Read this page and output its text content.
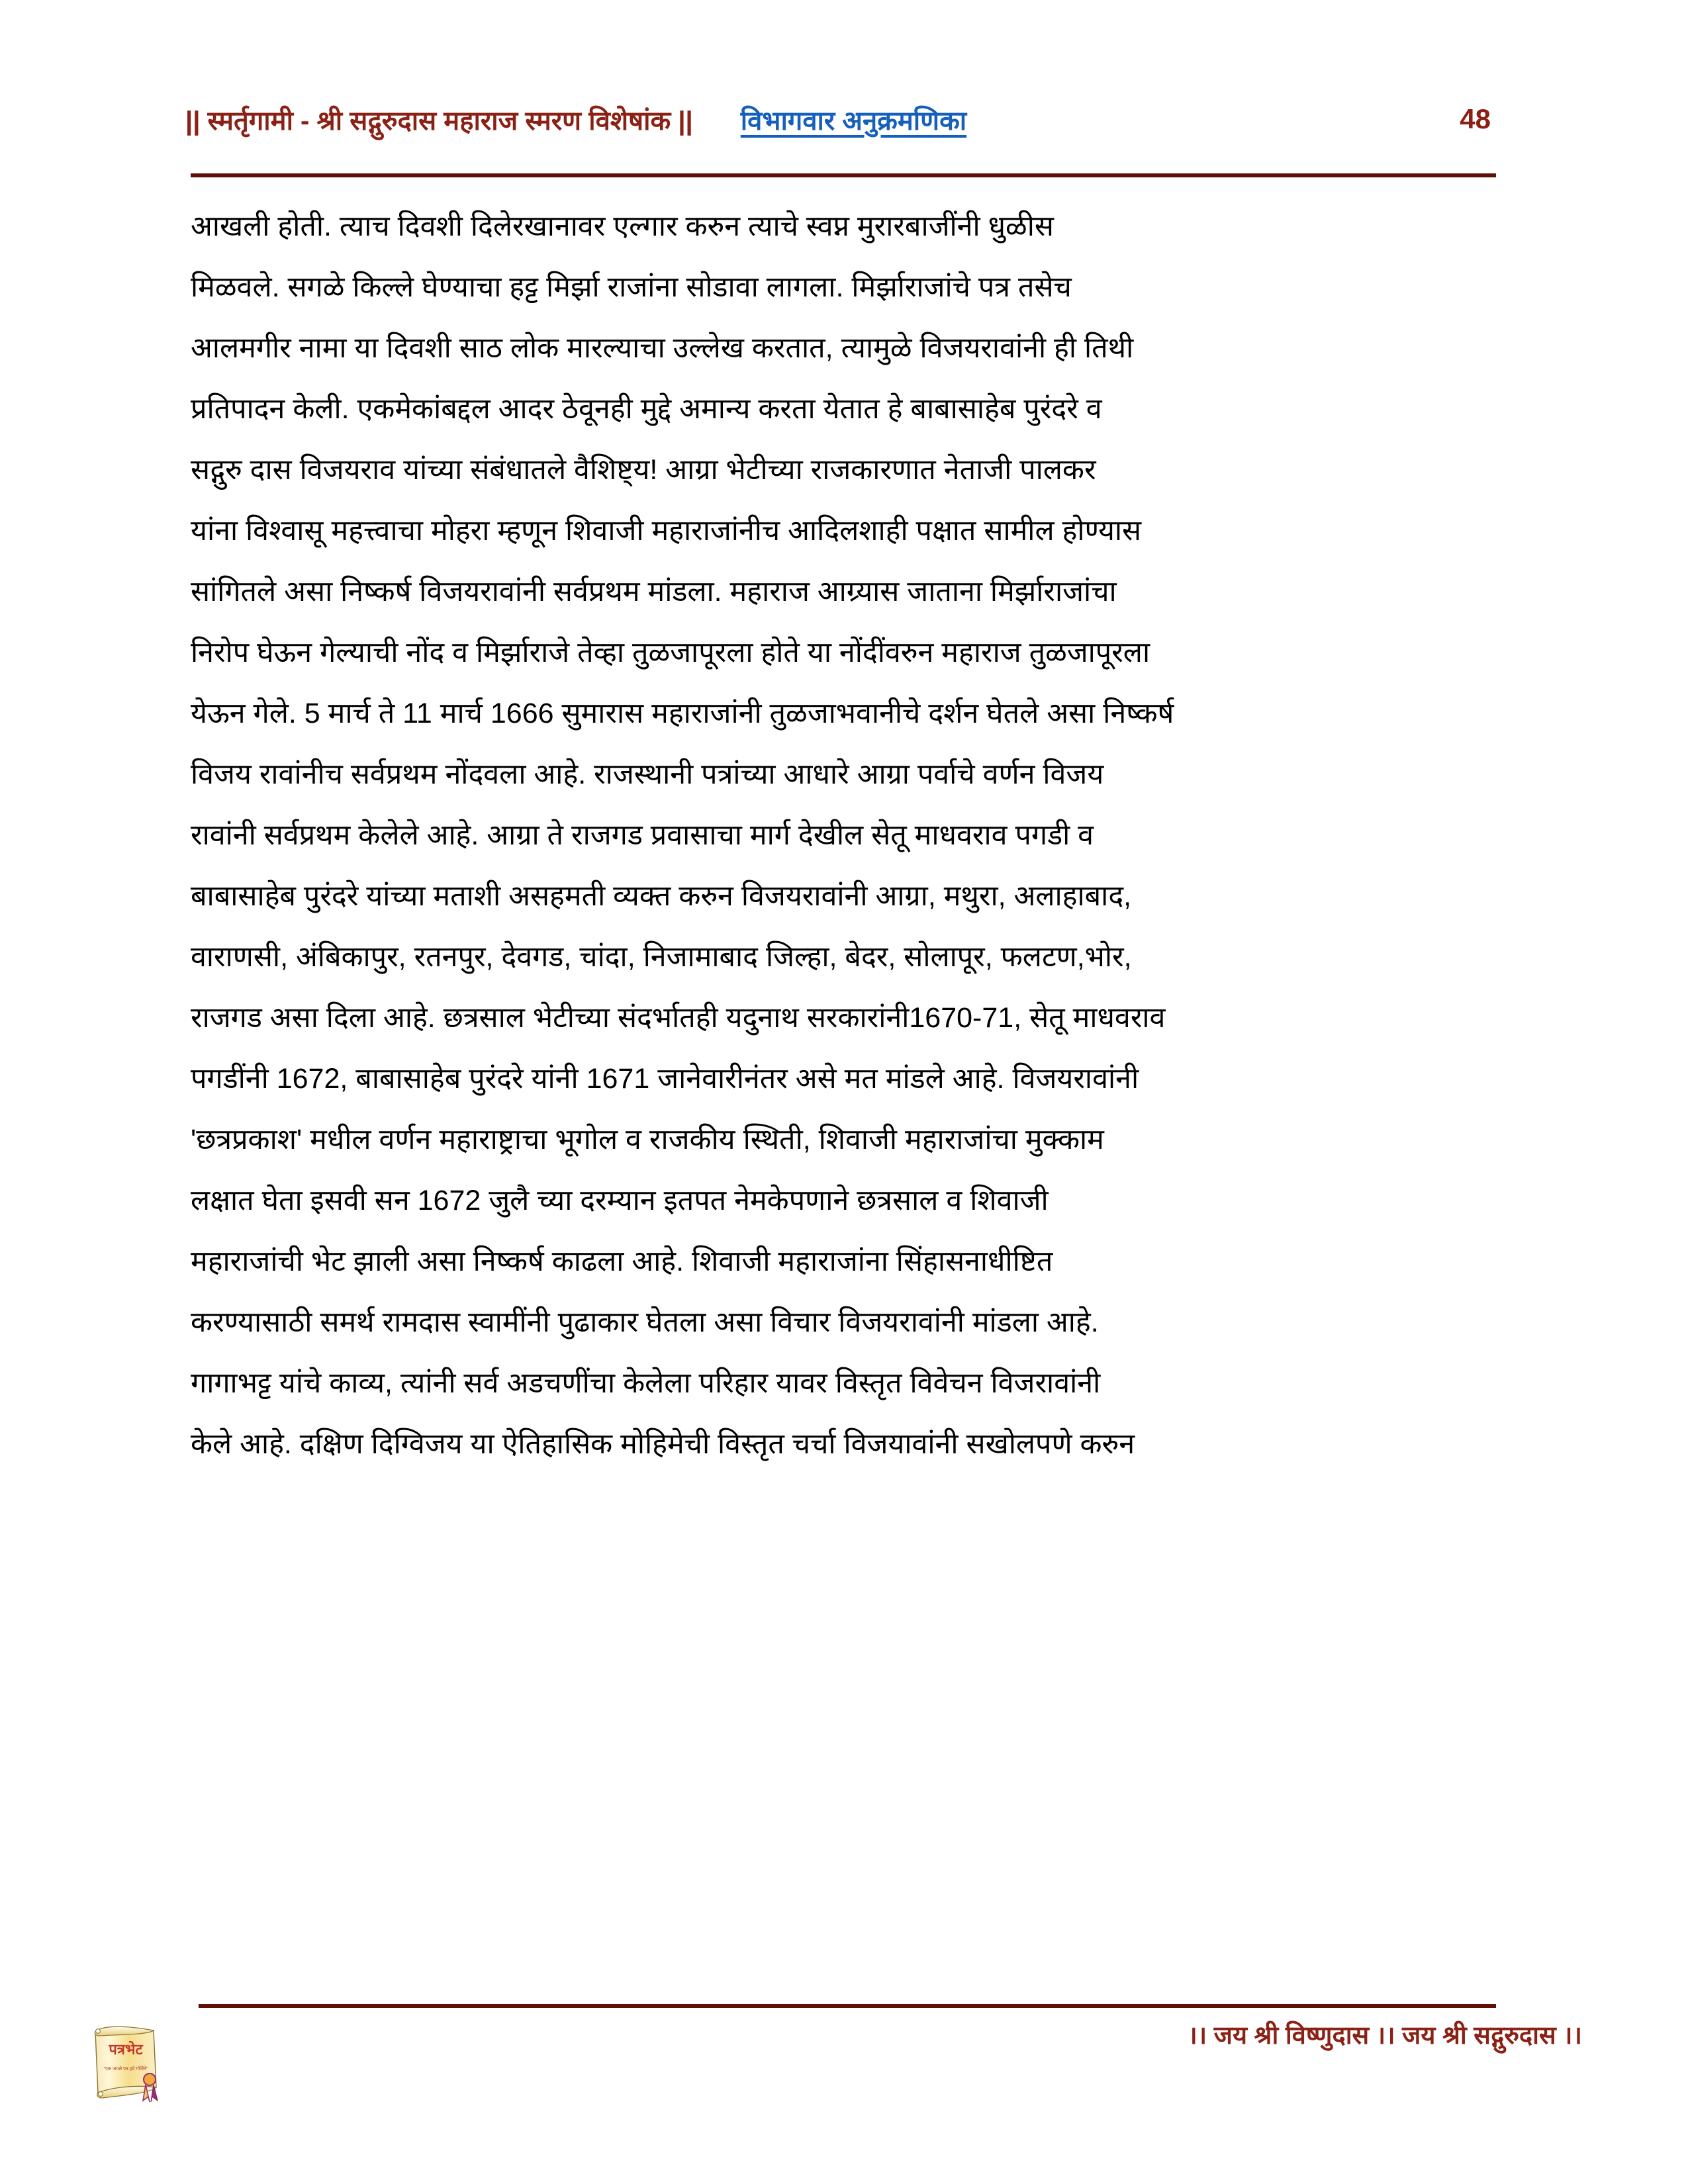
|| स्मर्तृगामी - श्री सद्गुरुदास महाराज स्मरण विशेषांक || विभागवार अनुक्रमणिका	48
आखली होती. त्याच दिवशी दिलेरखानावर एल्गार करुन त्याचे स्वप्न मुरारबाजींनी धुळीस
मिळवले. सगळे किल्ले घेण्याचा हट्ट मिर्झा राजांना सोडावा लागला. मिर्झाराजांचे पत्र तसेच
आलमगीर नामा या दिवशी साठ लोक मारल्याचा उल्लेख करतात, त्यामुळे विजयरावांनी ही तिथी
प्रतिपादन केली. एकमेकांबद्दल आदर ठेवूनही मुद्दे अमान्य करता येतात हे बाबासाहेब पुरंदरे व
सद्गुरु दास विजयराव यांच्या संबंधातले वैशिष्ट्य! आग्रा भेटीच्या राजकारणात नेताजी पालकर
यांना विश्वासू महत्त्वाचा मोहरा म्हणून शिवाजी महाराजांनीच आदिलशाही पक्षात सामील होण्यास
सांगितले असा निष्कर्ष विजयरावांनी सर्वप्रथम मांडला. महाराज आग्र्यास जाताना मिर्झाराजांचा
निरोप घेऊन गेल्याची नोंद व मिर्झाराजे तेव्हा तुळजापूरला होते या नोंदींवरुन महाराज तुळजापूरला
येऊन गेले. 5 मार्च ते 11 मार्च 1666 सुमारास महाराजांनी तुळजाभवानीचे दर्शन घेतले असा निष्कर्ष
विजय रावांनीच सर्वप्रथम नोंदवला आहे. राजस्थानी पत्रांच्या आधारे आग्रा पर्वाचे वर्णन विजय
रावांनी सर्वप्रथम केलेले आहे. आग्रा ते राजगड प्रवासाचा मार्ग देखील सेतू माधवराव पगडी व
बाबासाहेब पुरंदरे यांच्या मताशी असहमती व्यक्त करुन विजयरावांनी आग्रा, मथुरा, अलाहाबाद,
वाराणसी, अंबिकापुर, रतनपुर, देवगड, चांदा, निजामाबाद जिल्हा, बेदर, सोलापूर, फलटण,भोर,
राजगड असा दिला आहे. छत्रसाल भेटीच्या संदर्भातही यदुनाथ सरकारांनी1670-71, सेतू माधवराव
पगडींनी 1672, बाबासाहेब पुरंदरे यांनी 1671 जानेवारीनंतर असे मत मांडले आहे. विजयरावांनी
'छत्रप्रकाश' मधील वर्णन महाराष्ट्राचा भूगोल व राजकीय स्थिती, शिवाजी महाराजांचा मुक्काम
लक्षात घेता इसवी सन 1672 जुलै च्या दरम्यान इतपत नेमकेपणाने छत्रसाल व शिवाजी
महाराजांची भेट झाली असा निष्कर्ष काढला आहे. शिवाजी महाराजांना सिंहासनाधीष्टित
करण्यासाठी समर्थ रामदास स्वामींनी पुढाकार घेतला असा विचार विजयरावांनी मांडला आहे.
गागाभट्ट यांचे काव्य, त्यांनी सर्व अडचणींचा केलेला परिहार यावर विस्तृत विवेचन विजरावांनी
केले आहे. दक्षिण दिग्विजय या ऐतिहासिक मोहिमेची विस्तृत चर्चा विजयावांनी सखोलपणे करुन
।। जय श्री विष्णुदास ।। जय श्री सद्गुरुदास ।।
पत्रभेट
"एक जपले पत्र हवे गोजिरे"
